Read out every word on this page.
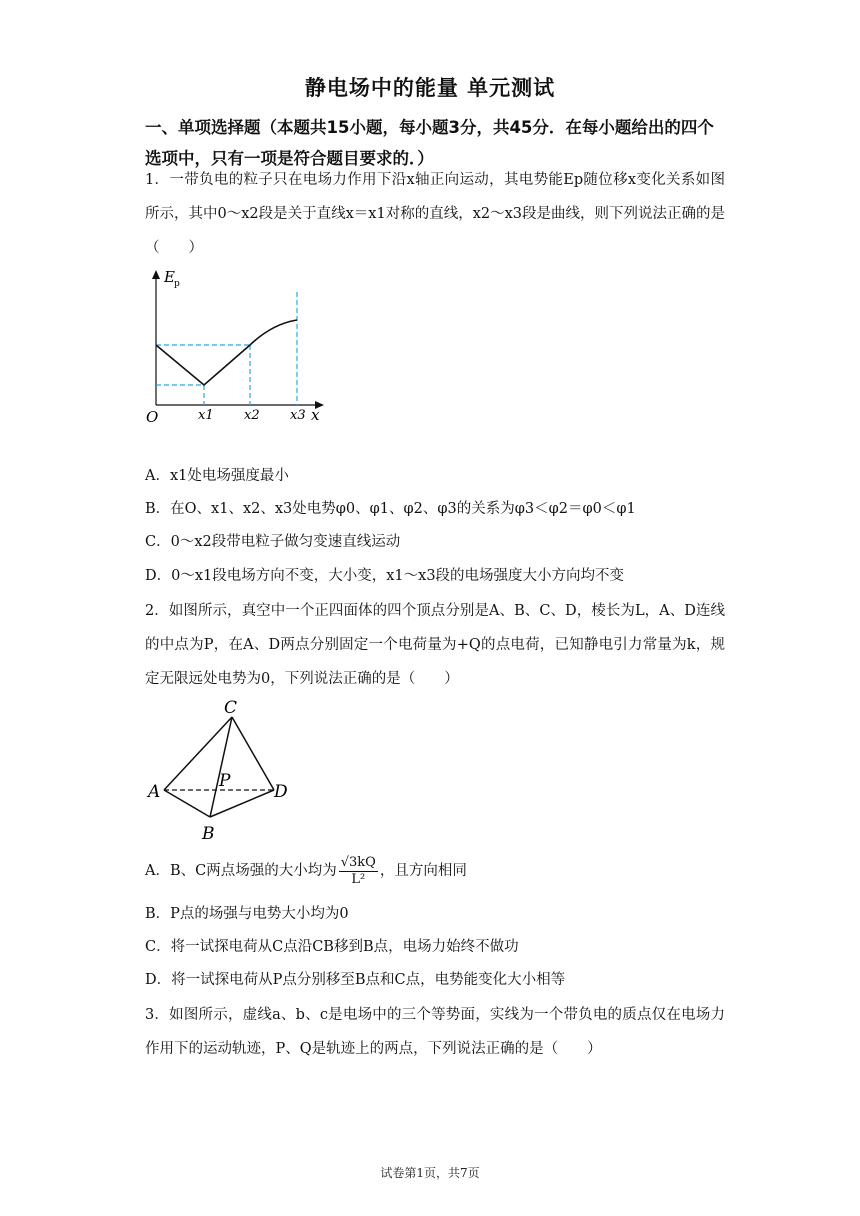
静电场中的能量 单元测试
一、单项选择题（本题共15小题，每小题3分，共45分．在每小题给出的四个选项中，只有一项是符合题目要求的．）
1．一带负电的粒子只在电场力作用下沿x轴正向运动，其电势能Ep随位移x变化关系如图所示，其中0～x2段是关于直线x＝x1对称的直线，x2～x3段是曲线，则下列说法正确的是（　　）
E p
O	x
x1 x2 x3
A．x1处电场强度最小
B．在O、x1、x2、x3处电势φ0、φ1、φ2、φ3的关系为φ3＜φ2＝φ0＜φ1
C．0～x2段带电粒子做匀变速直线运动
D．0～x1段电场方向不变，大小变，x1～x3段的电场强度大小方向均不变
2．如图所示，真空中一个正四面体的四个顶点分别是A、B、C、D，棱长为L，A、D连线的中点为P，在A、D两点分别固定一个电荷量为+Q的点电荷，已知静电引力常量为k，规定无限远处电势为0，下列说法正确的是（　　）
C
A	D
B
P
A．B、C两点场强的大小均为 $\frac{√3kQ}{\text{L²}}$ ，且方向相同
B．P点的场强与电势大小均为0
C．将一试探电荷从C点沿CB移到B点，电场力始终不做功
D．将一试探电荷从P点分别移至B点和C点，电势能变化大小相等
3．如图所示，虚线a、b、c是电场中的三个等势面，实线为一个带负电的质点仅在电场力作用下的运动轨迹，P、Q是轨迹上的两点，下列说法正确的是（　　）
试卷第1页，共7页
